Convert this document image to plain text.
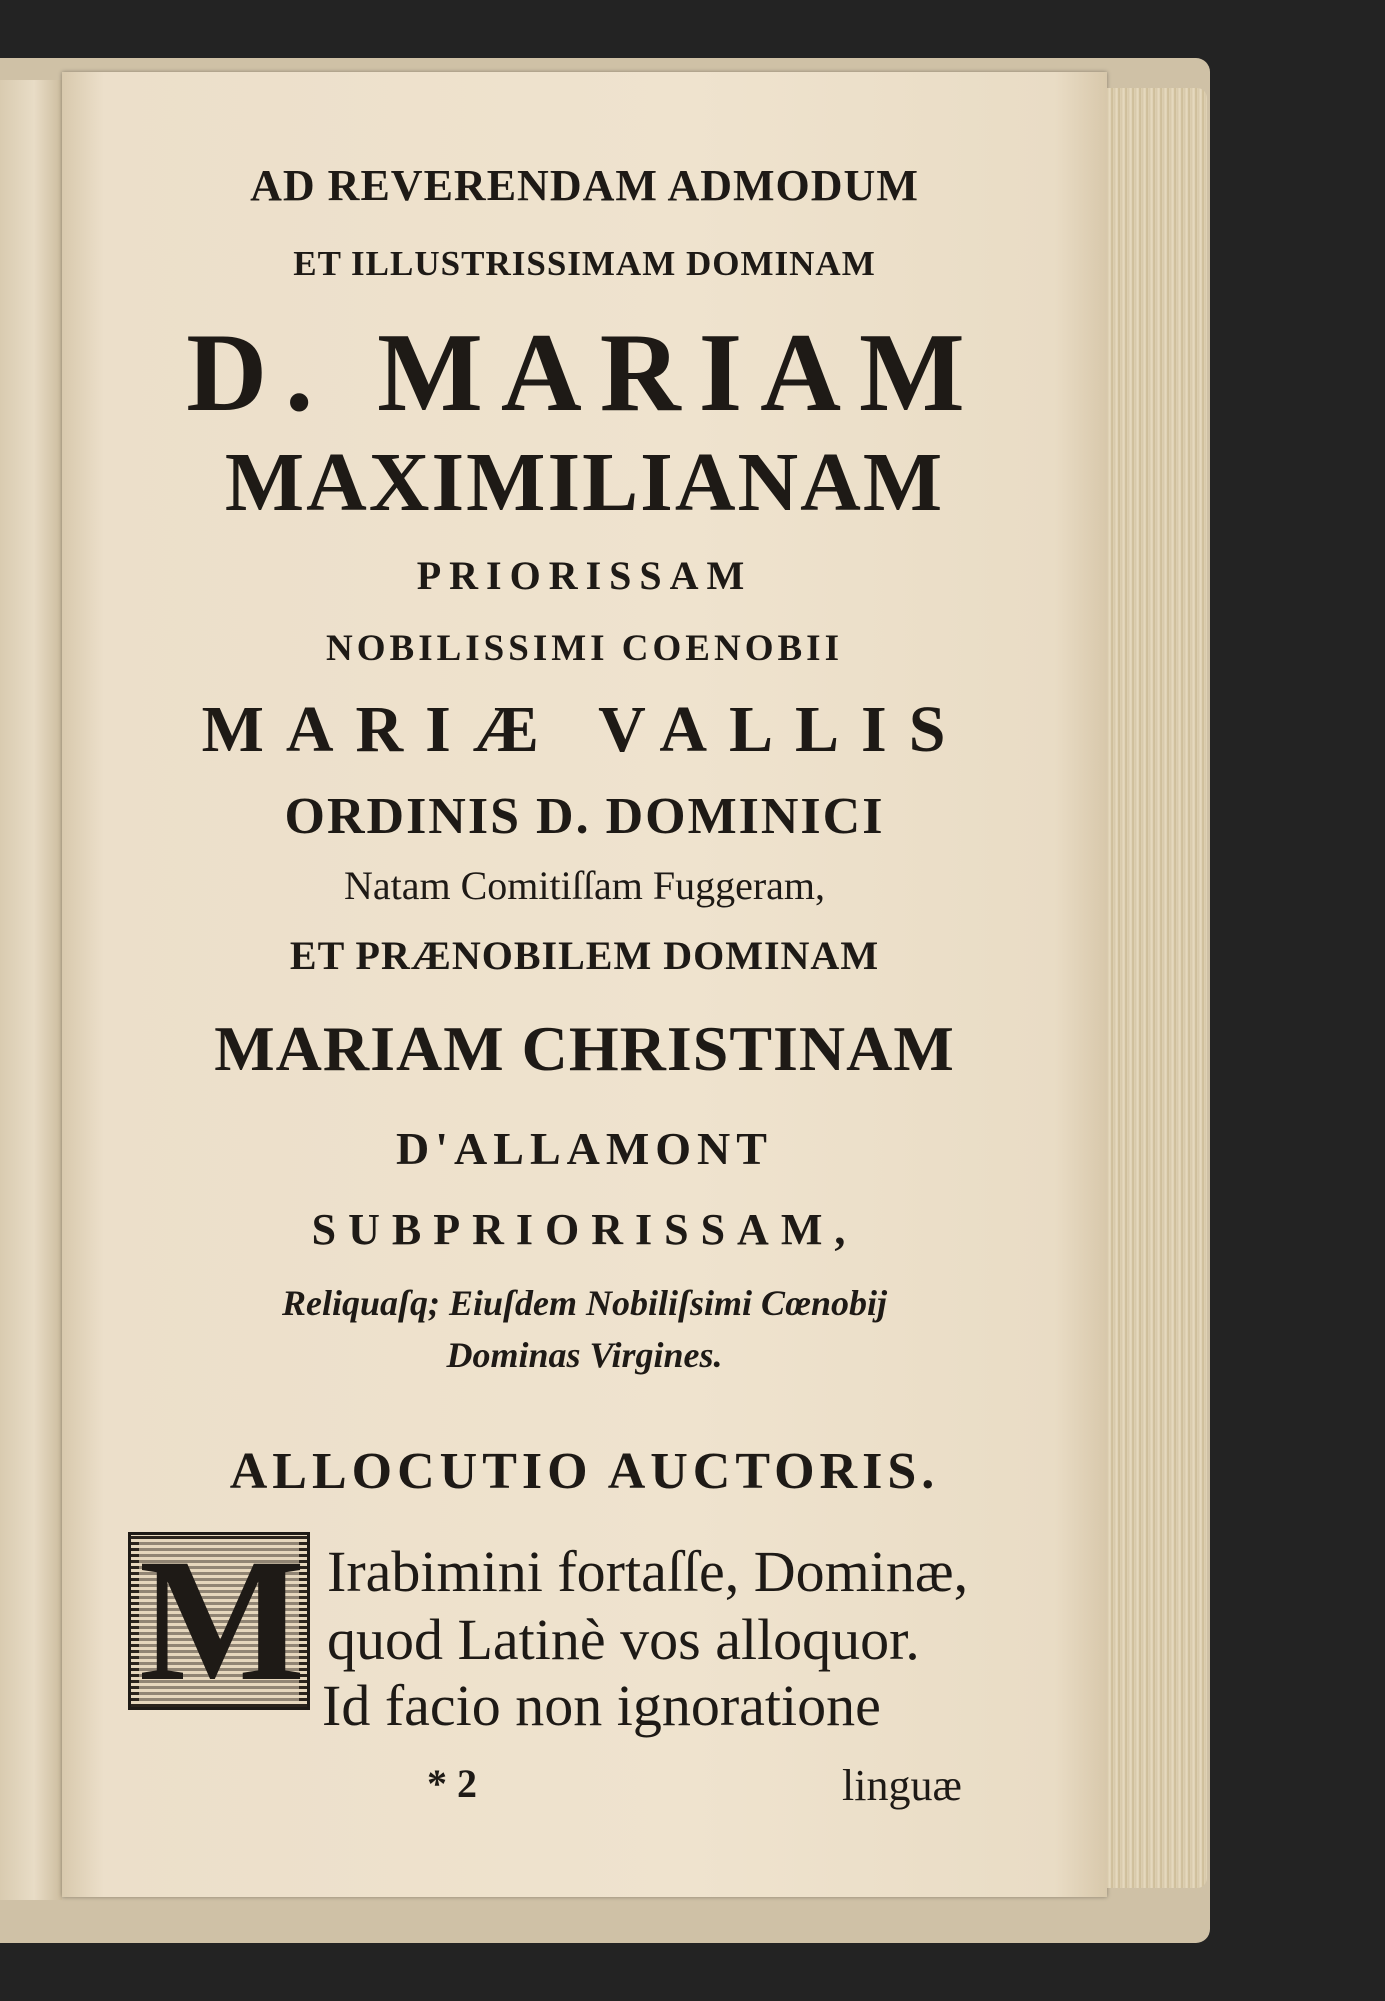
AD REVERENDAM ADMODUM
ET ILLUSTRISSIMAM DOMINAM
D. MARIAM
MAXIMILIANAM
PRIORISSAM
NOBILISSIMI COENOBII
MARIÆ VALLIS
ORDINIS D. DOMINICI
Natam Comitiſſam Fuggeram,
ET PRÆNOBILEM DOMINAM
MARIAM CHRISTINAM
D'ALLAMONT
SUBPRIORISSAM,
Reliquaſq; Eiuſdem Nobiliſsimi Cœnobij
Dominas Virgines.
ALLOCUTIO AUCTORIS.
M Irabimini fortaſſe, Dominæ,
quod Latinè vos alloquor.
Id facio non ignoratione
* 2	linguæ
